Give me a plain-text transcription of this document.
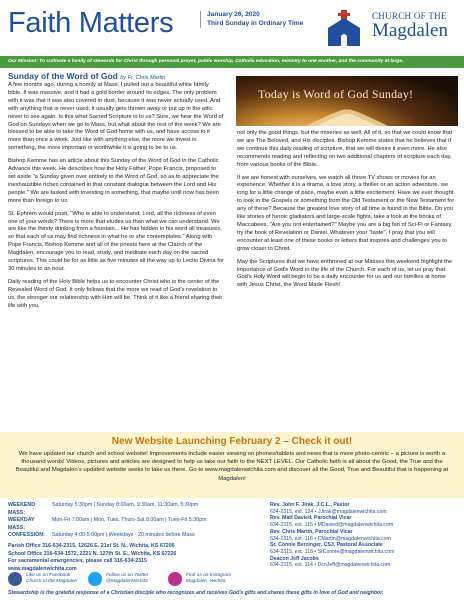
Faith Matters	January 26, 2020
Third Sunday in Ordinary Time
CHURCH OF THE
Magdalen
Our Mission: To cultivate a family of stewards for Christ through personal prayer, public worship, Catholic education, ministry to one another, and the community at large.
Sunday of the Word of God by Fr. Chris Martin

A few months ago, during a homily at Mass, I pulled out a beautiful white family bible. It was massive, and it had a gold border around its edges. The only problem with it was that it was also covered in dust, because it was never actually used. And with anything that is never used, it usually gets thrown away or put up in the attic never to see again. Is this what Sacred Scripture is to us? Sure, we hear the Word of God on Sundays when we go to Mass, but what about the rest of the week? We are blessed to be able to take the Word of God home with us, and have access to it more than once a week. Just like with anything else, the more we invest in something, the more important or worthwhile it is going to be to us.

Bishop Kemme has an article about this Sunday of the Word of God in the Catholic Advance this week. He describes how the Holy Father, Pope Francis, proposed to set aside "a Sunday given over entirely to the Word of God, so as to appreciate the inexhaustible riches contained in that constant dialogue between the Lord and His people." We are tasked with investing in something, that maybe until now has been more than foreign to us.

St. Ephrem would posit, "Who is able to understand, Lord, all the richness of even one of your words? There is more that eludes us than what we can understand. We are like the thirsty drinking from a fountain... He has hidden in his word all treasures, so that each of us may find richness in what he or she contemplates." Along with Pope Francis, Bishop Kemme and all of the priests here at the Church of the Magdalen, encourage you to read, study, and meditate each day on the sacred scriptures. This could be for as little as five minutes all the way up to Lectio Divina for 30 minutes to an hour.

Daily reading of the Holy Bible helps us to encounter Christ who is the center of the Revealed Word of God. It only follows that the more we read of God's revelation to us, the stronger our relationship with Him will be. Think of it like a friend sharing their life with you,

Today is Word of God Sunday!

not only the good things, but the miseries as well. All of it, so that we could know that we are The Beloved, and His disciples. Bishop Kemme states that he believes that if we continue this daily reading of scripture, that we will desire it even more. He also recommends reading and reflecting on two additional chapters of scripture each day, from various books of the Bible.

If we are honest with ourselves, we watch all those TV shows or movies for an experience. Whether it is a drama, a love story, a thriller or an action adventure, we long for a little change of pace, maybe even a little excitement. Have we ever thought to look in the Gospels or something from the Old Testament or the New Testament for any of these? Because the greatest love story of all time is found in the Bible. Do you like stories of heroic gladiators and large-scale fights, take a look at the books of Maccabees. "Are you not entertained?" Maybe you are a big fan of Sci-Fi or Fantasy, try the book of Revelation or Daniel. Whatever your "taste", I pray that you will encounter at least one of these books or letters that inspires and challenges you to grow closer to Christ.

May the Scriptures that we have enthroned at our Masses this weekend highlight the importance of God's Word in the life of the Church. For each of us, let us pray that God's Holy Word will begin to be a daily encounter for us and our families at home with Jesus Christ, the Word Made Flesh!

New Website Launching February 2 – Check it out!
We have updated our church and school website! Improvements include easier viewing on phones/tablets and news that is more photo-centric – a picture is worth a thousand words! Videos, pictures and articles are designed to help us take our faith to the NEXT LEVEL. Our Catholic faith is all about the Good, the True and the Beautiful and Magdalen's updated website seeks to take us there. Go to www.magdalenwichita.com and discover all the Good, True and Beautiful that is happening at Magdalen!
WEEKEND MASS:
Saturday 5:30pm | Sunday 8:00am, 9:30am, 11:30am, 5:30pm
WEEKDAY MASS:
Mon-Fri 7:00am | Mon, Tues, Thurs-Sat 8:00am | Tues-Fri 5:30pm
CONFESSION:	Saturday 4:00-5:00pm | Weekdays - 20 minutes before Mass
Parish Office 316-634-2315, 12626 E. 21st St. N., Wichita, KS 67206
School Office 316-634-1572, 2221 N. 127th St. E., Wichita, KS 67226
For sacramental emergencies, please call 316-634-2315
www.magdalenwichita.com
Like us on Facebook
Church of the Magdalen
Follow us on Twitter
@MagdalenWichita
Find us on Instagram
Magdalen_Wichita
Rev. John F. Jirak, J.C.L., Pastor
634-2315, ext. 124 • JJirak@magdalenwichita.com
Rev. Matt Davied, Parochial Vicar
634-2315, ext. 115 • MDavied@magdalenwichita.com
Rev. Chris Martin, Parochial Vicar
634-2315, ext. 116 • CMartin@magdalenwichita.com
Sr. Connie Berzinger, CSJ, Pastoral Associate
634-2315, ext. 118 • SrConnie@magdalenwichita.com
Deacon Jeff Jacobs
634-2315, ext. 114 • DcnJeff@magdalenwichita.com
Stewardship is the grateful response of a Christian disciple who recognizes and receives God's gifts and shares these gifts in love of God and neighbor.
